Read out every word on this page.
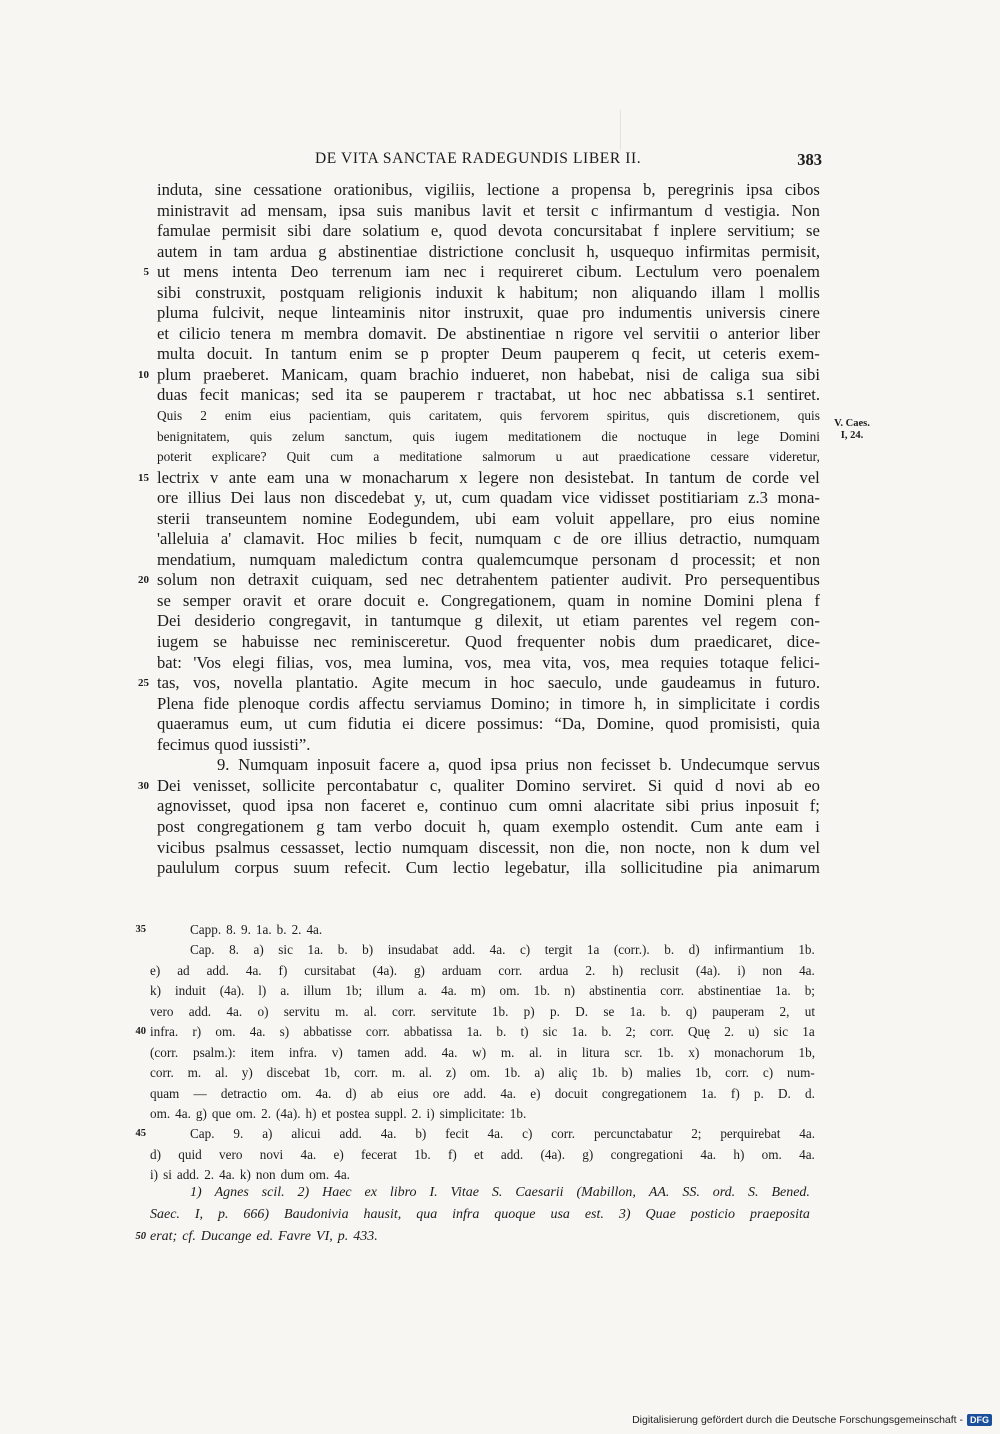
DE VITA SANCTAE RADEGUNDIS LIBER II.	383
V. Caes. I, 24.
induta, sine cessatione orationibus, vigiliis, lectione a propensa b, peregrinis ipsa cibos
ministravit ad mensam, ipsa suis manibus lavit et tersit c infirmantum d vestigia. Non
famulae permisit sibi dare solatium e, quod devota concursitabat f inplere servitium; se
autem in tam ardua g abstinentiae districtione conclusit h, usquequo infirmitas permisit,
5 ut mens intenta Deo terrenum iam nec i requireret cibum. Lectulum vero poenalem
sibi construxit, postquam religionis induxit k habitum; non aliquando illam l mollis
pluma fulcivit, neque linteaminis nitor instruxit, quae pro indumentis universis cinere
et cilicio tenera m membra domavit. De abstinentiae n rigore vel servitii o anterior liber
multa docuit. In tantum enim se p propter Deum pauperem q fecit, ut ceteris exem-
10 plum praeberet. Manicam, quam brachio indueret, non habebat, nisi de caliga sua sibi
duas fecit manicas; sed ita se pauperem r tractabat, ut hoc nec abbatissa s.1 sentiret.
Quis 2 enim eius pacientiam, quis caritatem, quis fervorem spiritus, quis discretionem, quis
benignitatem, quis zelum sanctum, quis iugem meditationem die noctuque in lege Domini
poterit explicare? Quit cum a meditatione salmorum u aut praedicatione cessare videretur,
15 lectrix v ante eam una w monacharum x legere non desistebat. In tantum de corde vel
ore illius Dei laus non discedebat y, ut, cum quadam vice vidisset postitiariam z.3 mona-
sterii transeuntem nomine Eodegundem, ubi eam voluit appellare, pro eius nomine
'alleluia a' clamavit. Hoc milies b fecit, numquam c de ore illius detractio, numquam
mendatium, numquam maledictum contra qualemcumque personam d processit; et non
20 solum non detraxit cuiquam, sed nec detrahentem patienter audivit. Pro persequentibus
se semper oravit et orare docuit e. Congregationem, quam in nomine Domini plena f
Dei desiderio congregavit, in tantumque g dilexit, ut etiam parentes vel regem con-
iugem se habuisse nec reminisceretur. Quod frequenter nobis dum praedicaret, dice-
bat: 'Vos elegi filias, vos, mea lumina, vos, mea vita, vos, mea requies totaque felici-
25 tas, vos, novella plantatio. Agite mecum in hoc saeculo, unde gaudeamus in futuro.
Plena fide plenoque cordis affectu serviamus Domino; in timore h, in simplicitate i cordis
quaeramus eum, ut cum fidutia ei dicere possimus: “Da, Domine, quod promisisti, quia
fecimus quod iussisti”.
9. Numquam inposuit facere a, quod ipsa prius non fecisset b. Undecumque servus
30 Dei venisset, sollicite percontabatur c, qualiter Domino serviret. Si quid d novi ab eo
agnovisset, quod ipsa non faceret e, continuo cum omni alacritate sibi prius inposuit f;
post congregationem g tam verbo docuit h, quam exemplo ostendit. Cum ante eam i
vicibus psalmus cessasset, lectio numquam discessit, non die, non nocte, non k dum vel
paululum corpus suum refecit. Cum lectio legebatur, illa sollicitudine pia animarum
35	Capp. 8. 9. 1a. b. 2. 4a.
Cap. 8. a) sic 1a. b. b) insudabat add. 4a. c) tergit 1a (corr.). b. d) infirmantium 1b.
e) ad add. 4a. f) cursitabat (4a). g) arduam corr. ardua 2. h) reclusit (4a). i) non 4a.
k) induit (4a). l) a. illum 1b; illum a. 4a. m) om. 1b. n) abstinentia corr. abstinentiae 1a. b;
vero add. 4a. o) servitu m. al. corr. servitute 1b. p) p. D. se 1a. b. q) pauperam 2, ut
40 infra. r) om. 4a. s) abbatisse corr. abbatissa 1a. b. t) sic 1a. b. 2; corr. Quę 2. u) sic 1a
(corr. psalm.): item infra. v) tamen add. 4a. w) m. al. in litura scr. 1b. x) monachorum 1b,
corr. m. al. y) discebat 1b, corr. m. al. z) om. 1b. a) aliç 1b. b) malies 1b, corr. c) num-
quam — detractio om. 4a. d) ab eius ore add. 4a. e) docuit congregationem 1a. f) p. D. d.
om. 4a. g) que om. 2. (4a). h) et postea suppl. 2. i) simplicitate: 1b.
45	Cap. 9. a) alicui add. 4a. b) fecit 4a. c) corr. percunctabatur 2; perquirebat 4a.
d) quid vero novi 4a. e) fecerat 1b. f) et add. (4a). g) congregationi 4a. h) om. 4a.
i) si add. 2. 4a. k) non dum om. 4a.
1) Agnes scil. 2) Haec ex libro I. Vitae S. Caesarii (Mabillon, AA. SS. ord. S. Bened.
Saec. I, p. 666) Baudonivia hausit, qua infra quoque usa est. 3) Quae posticio praeposita
50 erat; cf. Ducange ed. Favre VI, p. 433.
Digitalisierung gefördert durch die Deutsche Forschungsgemeinschaft - DFG
